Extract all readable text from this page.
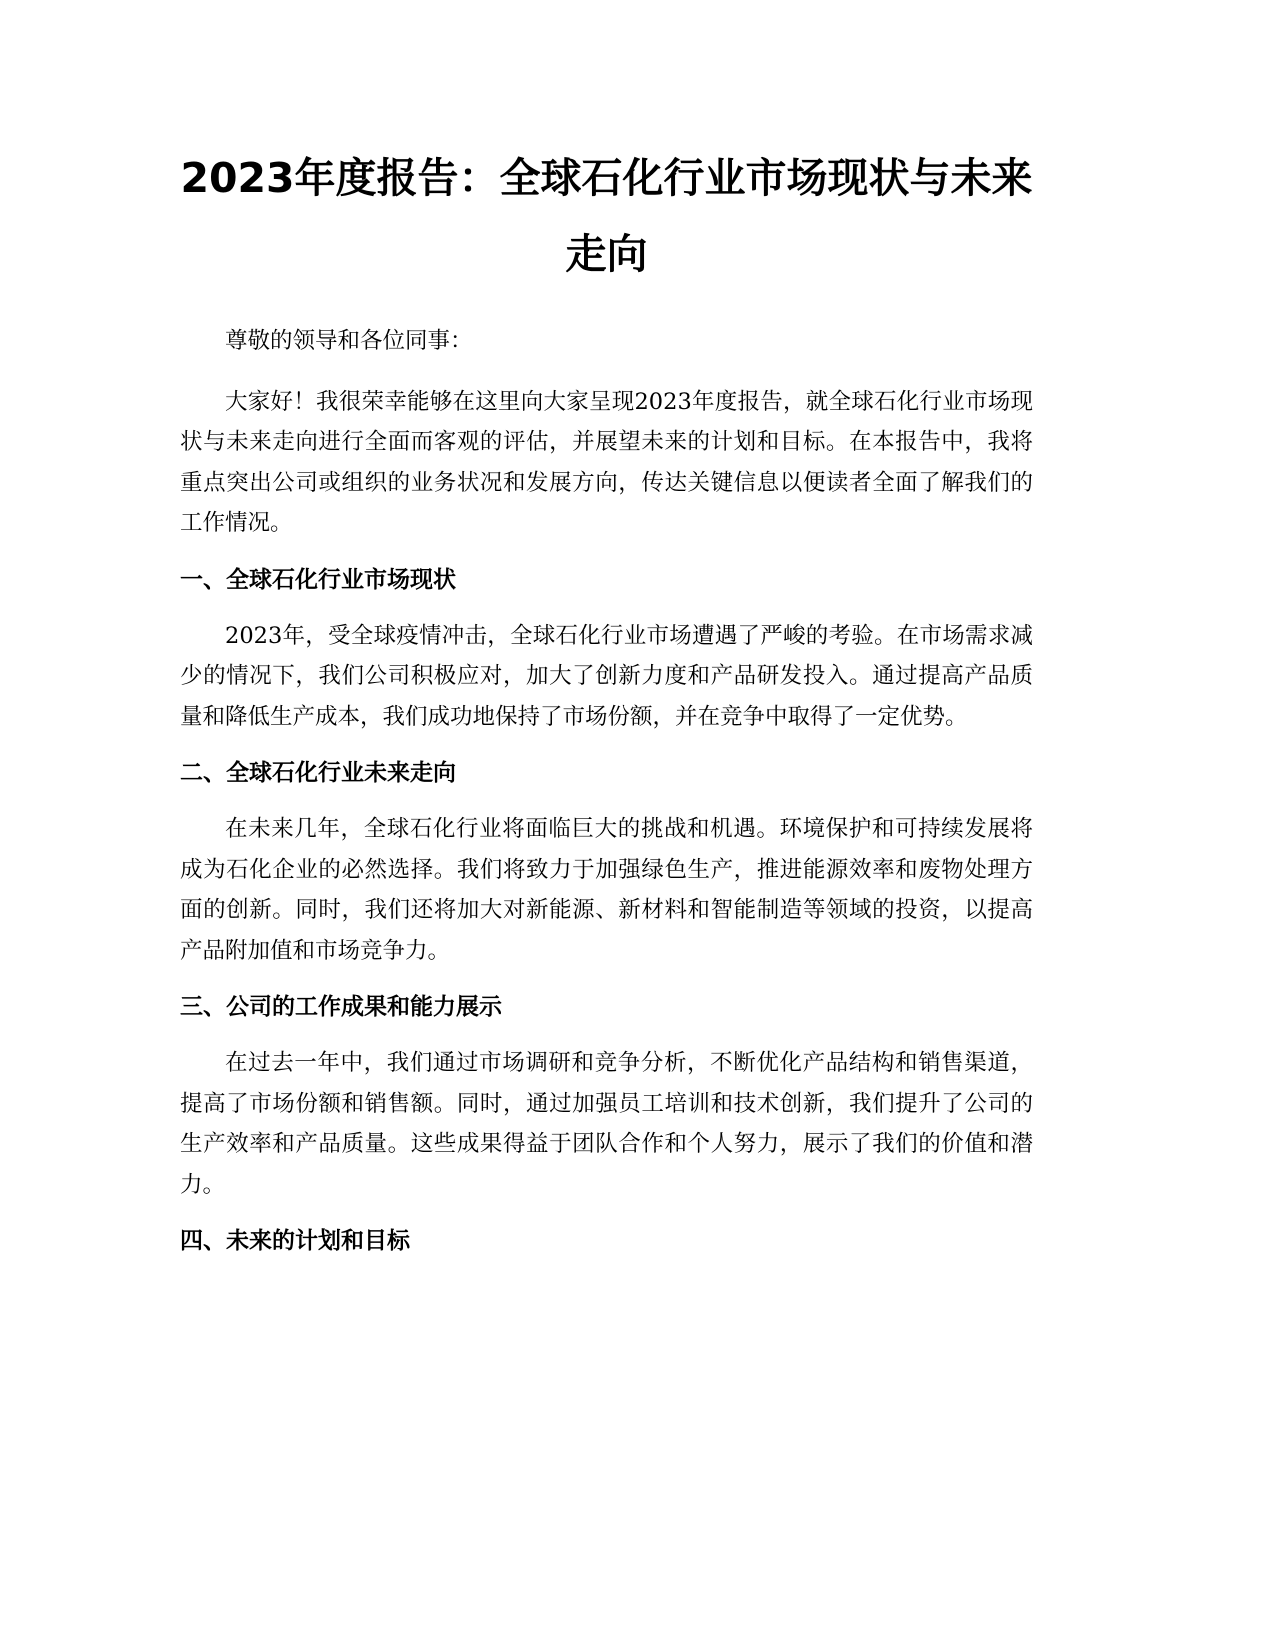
2023年度报告：全球石化行业市场现状与未来走向

尊敬的领导和各位同事：

大家好！我很荣幸能够在这里向大家呈现2023年度报告，就全球石化行业市场现状与未来走向进行全面而客观的评估，并展望未来的计划和目标。在本报告中，我将重点突出公司或组织的业务状况和发展方向，传达关键信息以便读者全面了解我们的工作情况。

一、全球石化行业市场现状

2023年，受全球疫情冲击，全球石化行业市场遭遇了严峻的考验。在市场需求减少的情况下，我们公司积极应对，加大了创新力度和产品研发投入。通过提高产品质量和降低生产成本，我们成功地保持了市场份额，并在竞争中取得了一定优势。

二、全球石化行业未来走向

在未来几年，全球石化行业将面临巨大的挑战和机遇。环境保护和可持续发展将成为石化企业的必然选择。我们将致力于加强绿色生产，推进能源效率和废物处理方面的创新。同时，我们还将加大对新能源、新材料和智能制造等领域的投资，以提高产品附加值和市场竞争力。

三、公司的工作成果和能力展示

在过去一年中，我们通过市场调研和竞争分析，不断优化产品结构和销售渠道，提高了市场份额和销售额。同时，通过加强员工培训和技术创新，我们提升了公司的生产效率和产品质量。这些成果得益于团队合作和个人努力，展示了我们的价值和潜力。

四、未来的计划和目标
